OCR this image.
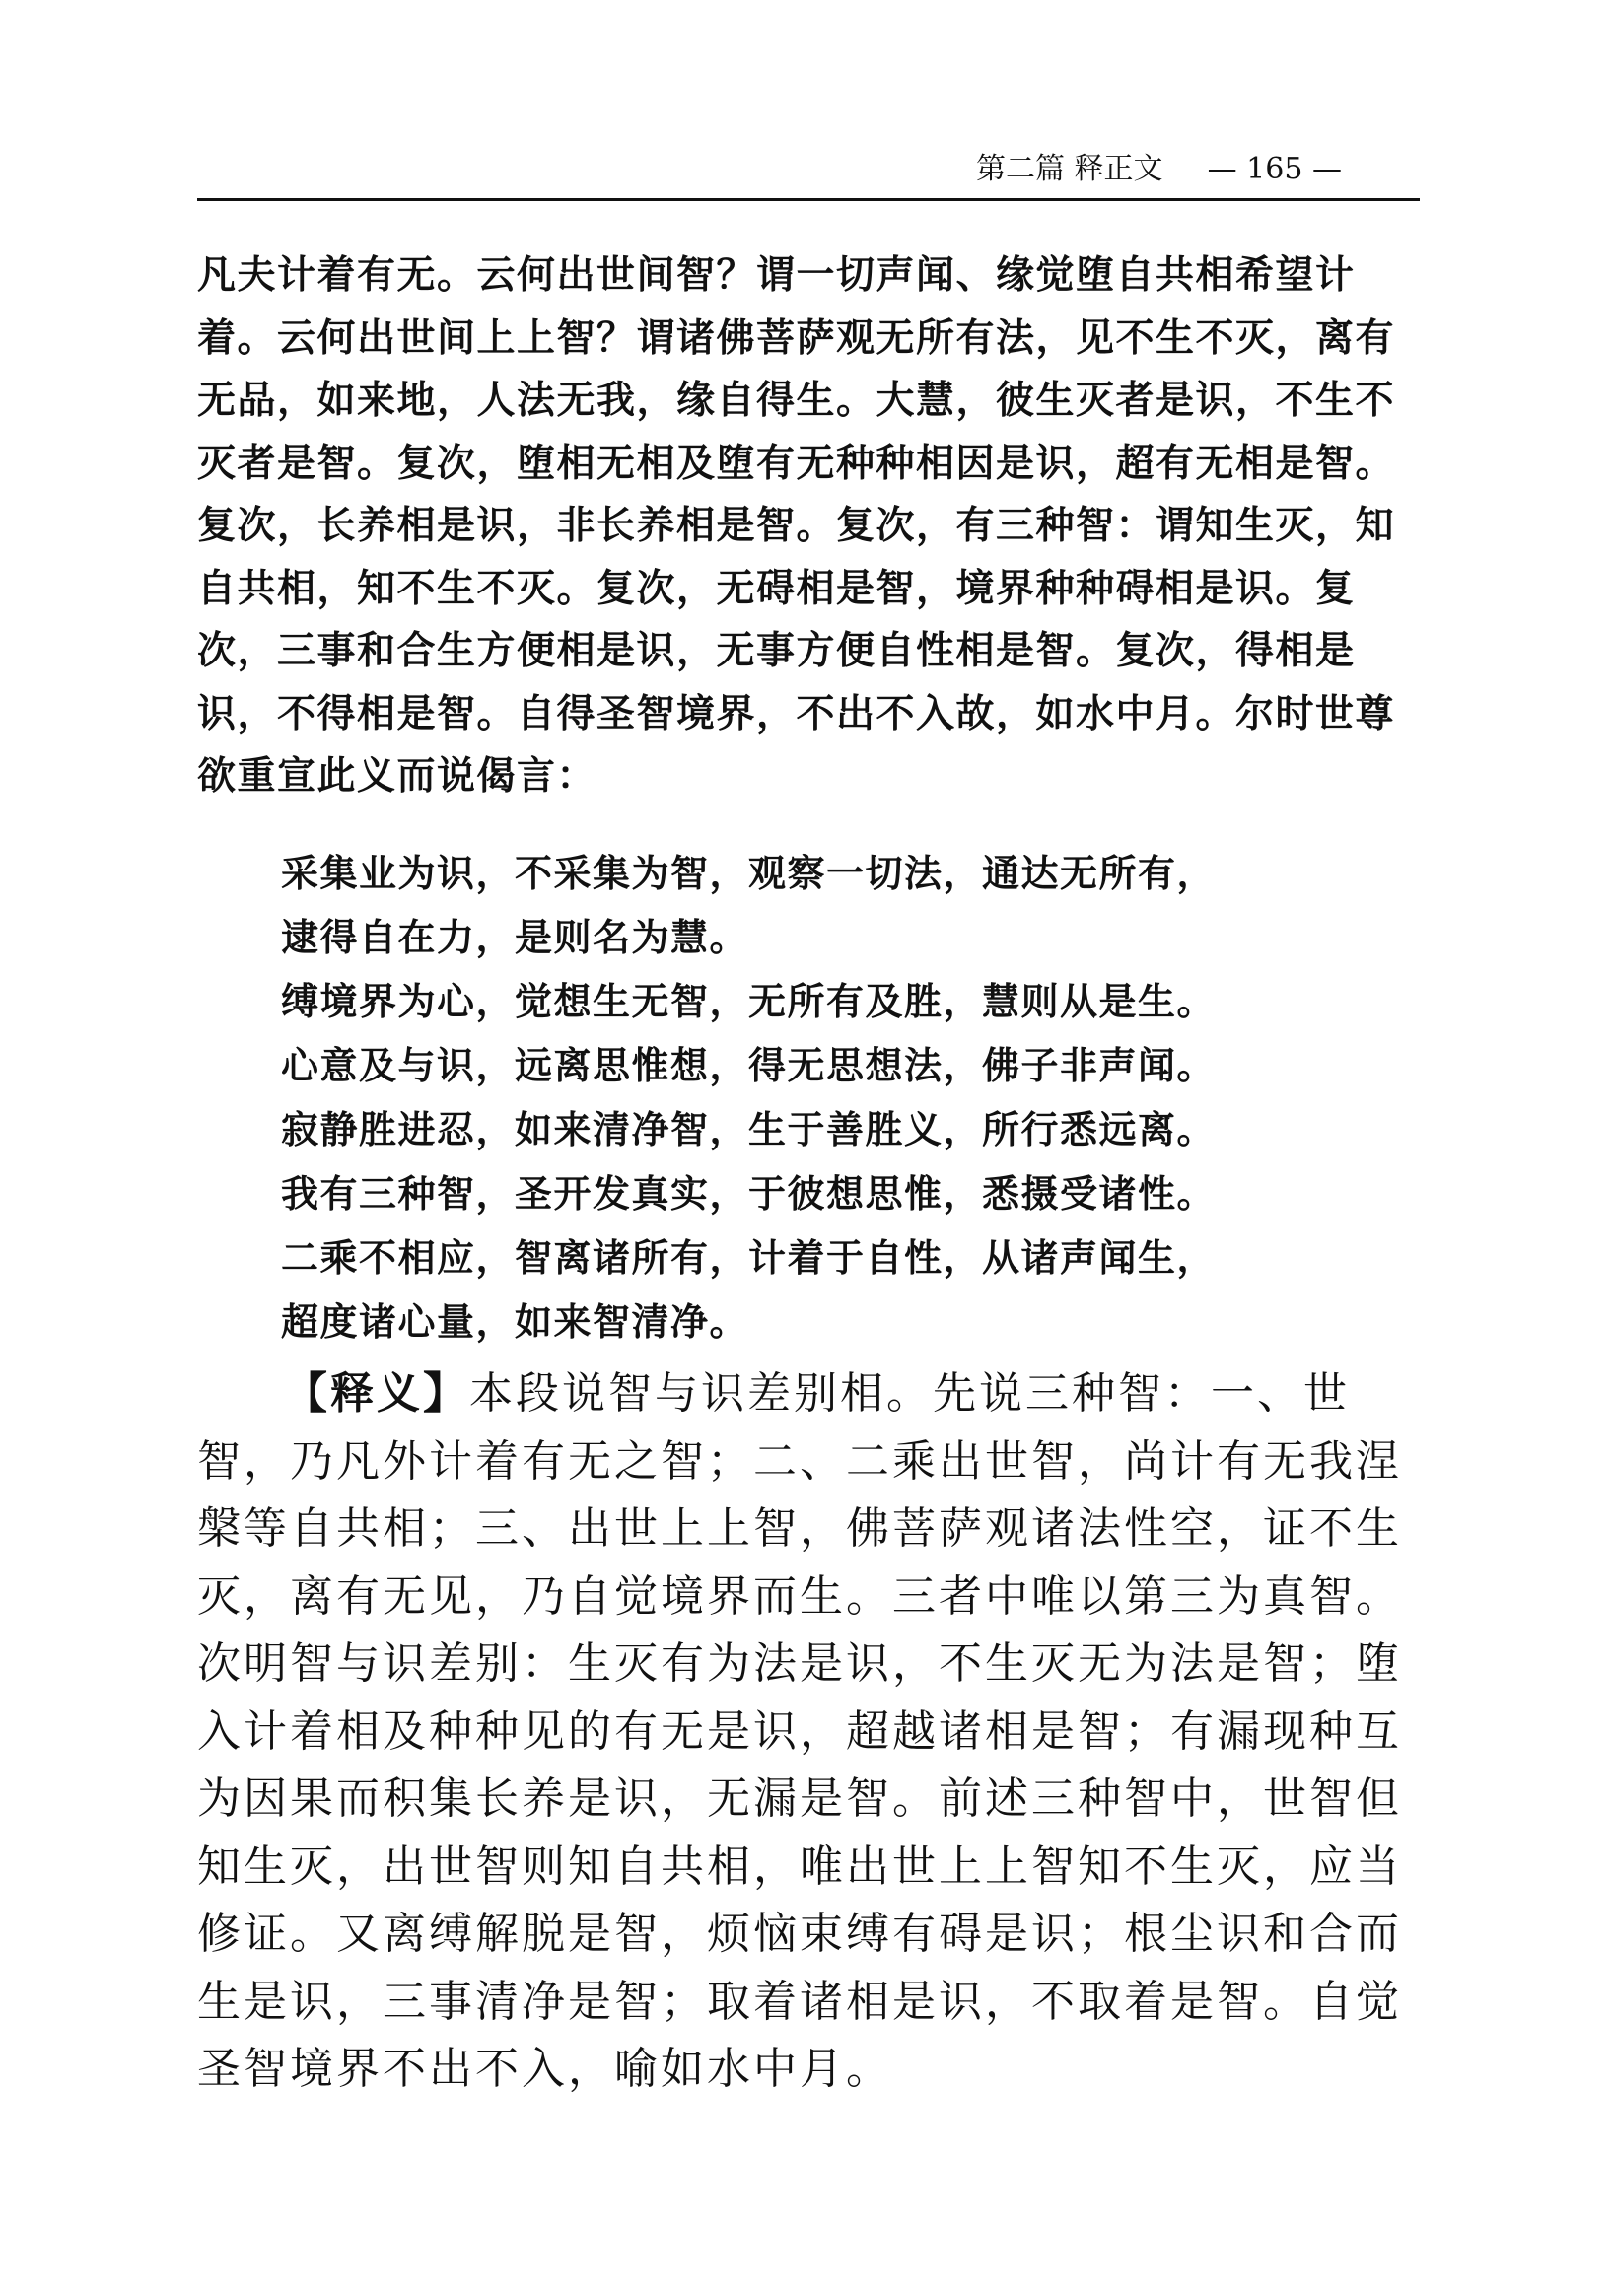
第二篇 释正文 — 165 —

凡夫计着有无。云何出世间智？谓一切声闻、缘觉堕自共相希望计着。云何出世间上上智？谓诸佛菩萨观无所有法，见不生不灭，离有无品，如来地，人法无我，缘自得生。大慧，彼生灭者是识，不生不灭者是智。复次，堕相无相及堕有无种种相因是识，超有无相是智。复次，长养相是识，非长养相是智。复次，有三种智：谓知生灭，知自共相，知不生不灭。复次，无碍相是智，境界种种碍相是识。复次，三事和合生方便相是识，无事方便自性相是智。复次，得相是识，不得相是智。自得圣智境界，不出不入故，如水中月。尔时世尊欲重宣此义而说偈言：

采集业为识，不采集为智，观察一切法，通达无所有，
逮得自在力，是则名为慧。
缚境界为心，觉想生无智，无所有及胜，慧则从是生。
心意及与识，远离思惟想，得无思想法，佛子非声闻。
寂静胜进忍，如来清净智，生于善胜义，所行悉远离。
我有三种智，圣开发真实，于彼想思惟，悉摄受诸性。
二乘不相应，智离诸所有，计着于自性，从诸声闻生，
超度诸心量，如来智清净。

【释义】本段说智与识差别相。先说三种智：一、世智，乃凡外计着有无之智；二、二乘出世智，尚计有无我涅槃等自共相；三、出世上上智，佛菩萨观诸法性空，证不生灭，离有无见，乃自觉境界而生。三者中唯以第三为真智。次明智与识差别：生灭有为法是识，不生灭无为法是智；堕入计着相及种种见的有无是识，超越诸相是智；有漏现种互为因果而积集长养是识，无漏是智。前述三种智中，世智但知生灭，出世智则知自共相，唯出世上上智知不生灭，应当修证。又离缚解脱是智，烦恼束缚有碍是识；根尘识和合而生是识，三事清净是智；取着诸相是识，不取着是智。自觉圣智境界不出不入，喻如水中月。
